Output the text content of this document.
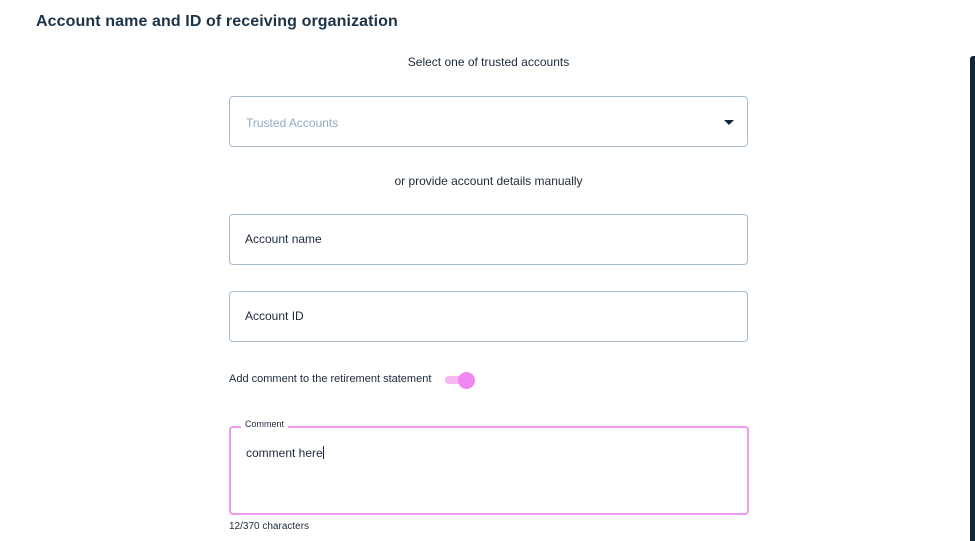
Account name and ID of receiving organization
Select one of trusted accounts
Trusted Accounts
or provide account details manually
Account name
Account ID
Add comment to the retirement statement
Comment
comment here
12/370 characters
